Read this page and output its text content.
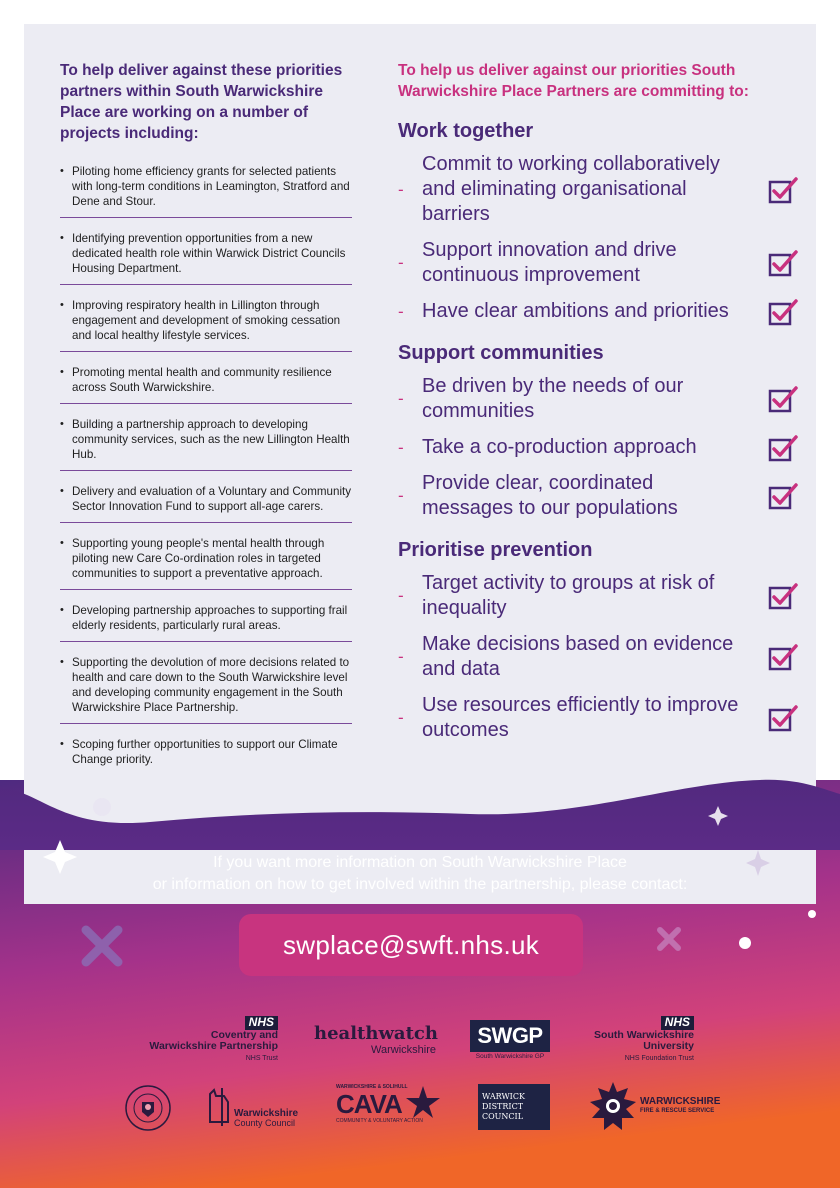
To help deliver against these priorities partners within South Warwickshire Place are working on a number of projects including:
• Piloting home efficiency grants for selected patients with long-term conditions in Leamington, Stratford and Dene and Stour.
• Identifying prevention opportunities from a new dedicated health role within Warwick District Councils Housing Department.
• Improving respiratory health in Lillington through engagement and development of smoking cessation and local healthy lifestyle services.
• Promoting mental health and community resilience across South Warwickshire.
• Building a partnership approach to developing community services, such as the new Lillington Health Hub.
• Delivery and evaluation of a Voluntary and Community Sector Innovation Fund to support all-age carers.
• Supporting young people's mental health through piloting new Care Co-ordination roles in targeted communities to support a preventative approach.
• Developing partnership approaches to supporting frail elderly residents, particularly rural areas.
• Supporting the devolution of more decisions related to health and care down to the South Warwickshire level and developing community engagement in the South Warwickshire Place Partnership.
• Scoping further opportunities to support our Climate Change priority.
To help us deliver against our priorities South Warwickshire Place Partners are committing to:
Work together
-
Commit to working collaboratively and eliminating organisational barriers
-
Support innovation and drive continuous improvement
- Have clear ambitions and priorities
Support communities
-
Be driven by the needs of our communities
- Take a co-production approach
-
Provide clear, coordinated messages to our populations
Prioritise prevention
-
Target activity to groups at risk of inequality
-
Make decisions based on evidence and data
-
Use resources efficiently to improve outcomes
If you want more information on South Warwickshire Place
or information on how to get involved within the partnership, please contact:
swplace@swft.nhs.uk
NHS
Coventry and
Warwickshire Partnership
NHS Trust
healthwatch
Warwickshire
SWGP
South Warwickshire GP
NHS
South Warwickshire
University
NHS Foundation Trust
Warwickshire
County Council
WARWICKSHIRE & SOLIHULL
CAVA
COMMUNITY & VOLUNTARY ACTION
WARWICK
DISTRICT
COUNCIL
WARWICKSHIRE
FIRE & RESCUE SERVICE
